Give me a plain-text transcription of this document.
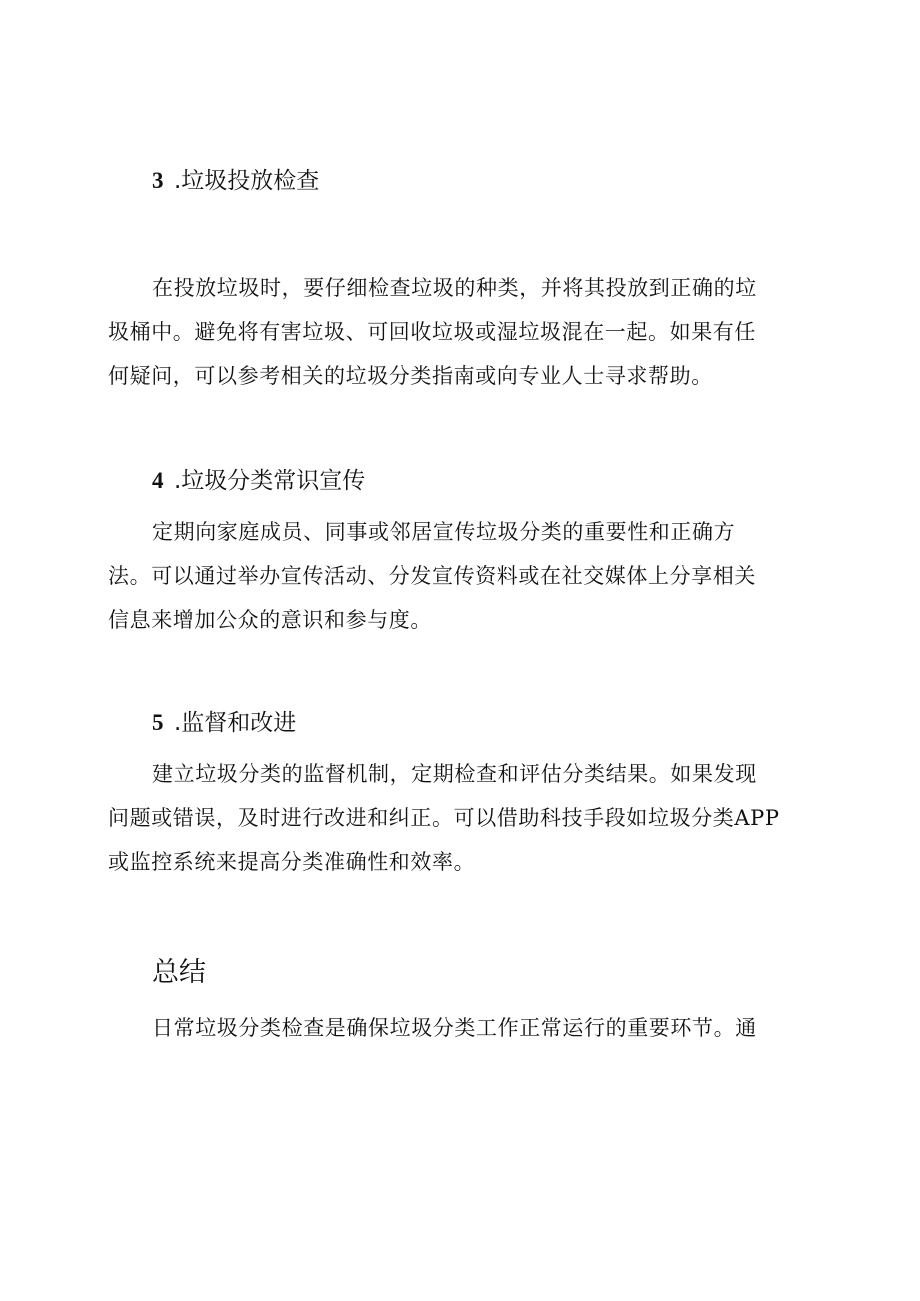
3 .垃圾投放检查
在投放垃圾时，要仔细检查垃圾的种类，并将其投放到正确的垃
圾桶中。避免将有害垃圾、可回收垃圾或湿垃圾混在一起。如果有任
何疑问，可以参考相关的垃圾分类指南或向专业人士寻求帮助。
4 .垃圾分类常识宣传
定期向家庭成员、同事或邻居宣传垃圾分类的重要性和正确方
法。可以通过举办宣传活动、分发宣传资料或在社交媒体上分享相关
信息来增加公众的意识和参与度。
5 .监督和改进
建立垃圾分类的监督机制，定期检查和评估分类结果。如果发现
问题或错误，及时进行改进和纠正。可以借助科技手段如垃圾分类APP
或监控系统来提高分类准确性和效率。
总结
日常垃圾分类检查是确保垃圾分类工作正常运行的重要环节。通
